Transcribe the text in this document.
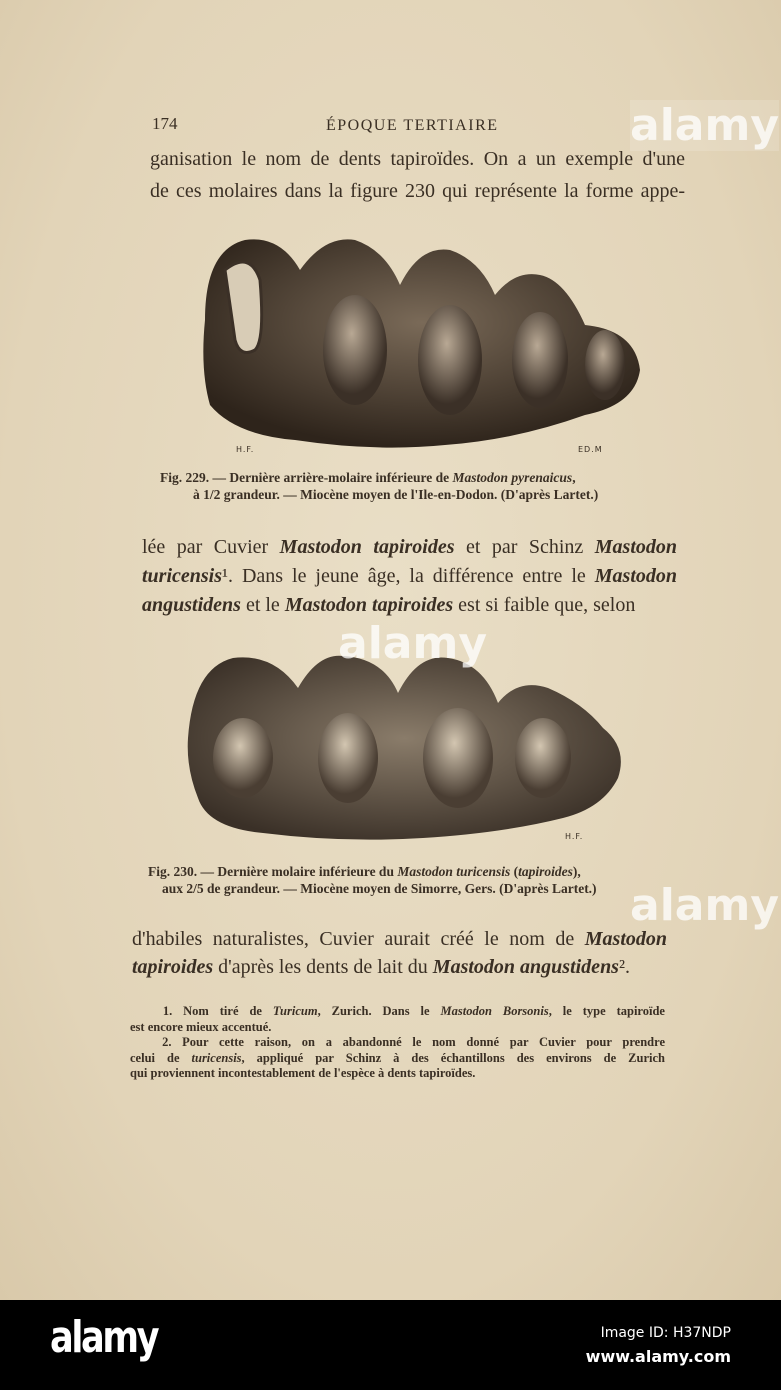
174	ÉPOQUE TERTIAIRE
ganisation le nom de dents tapiroïdes. On a un exemple d'une
de ces molaires dans la figure 230 qui représente la forme appe-
H.F.	ED.M
Fig. 229. — Dernière arrière-molaire inférieure de Mastodon pyrenaicus,
à 1/2 grandeur. — Miocène moyen de l'Ile-en-Dodon. (D'après Lartet.)
lée par Cuvier Mastodon tapiroides et par Schinz Mastodon
turicensis¹. Dans le jeune âge, la différence entre le Mastodon
angustidens et le Mastodon tapiroides est si faible que, selon
H.F.
Fig. 230. — Dernière molaire inférieure du Mastodon turicensis (tapiroides),
aux 2/5 de grandeur. — Miocène moyen de Simorre, Gers. (D'après Lartet.)
d'habiles naturalistes, Cuvier aurait créé le nom de Mastodon
tapiroides d'après les dents de lait du Mastodon angustidens².
1. Nom tiré de Turicum, Zurich. Dans le Mastodon Borsonis, le type tapiroïde
est encore mieux accentué.
2. Pour cette raison, on a abandonné le nom donné par Cuvier pour prendre
celui de turicensis, appliqué par Schinz à des échantillons des environs de Zurich
qui proviennent incontestablement de l'espèce à dents tapiroïdes.
alamy
alamy
alamy
alamy	Image ID: H37NDP
www.alamy.com
